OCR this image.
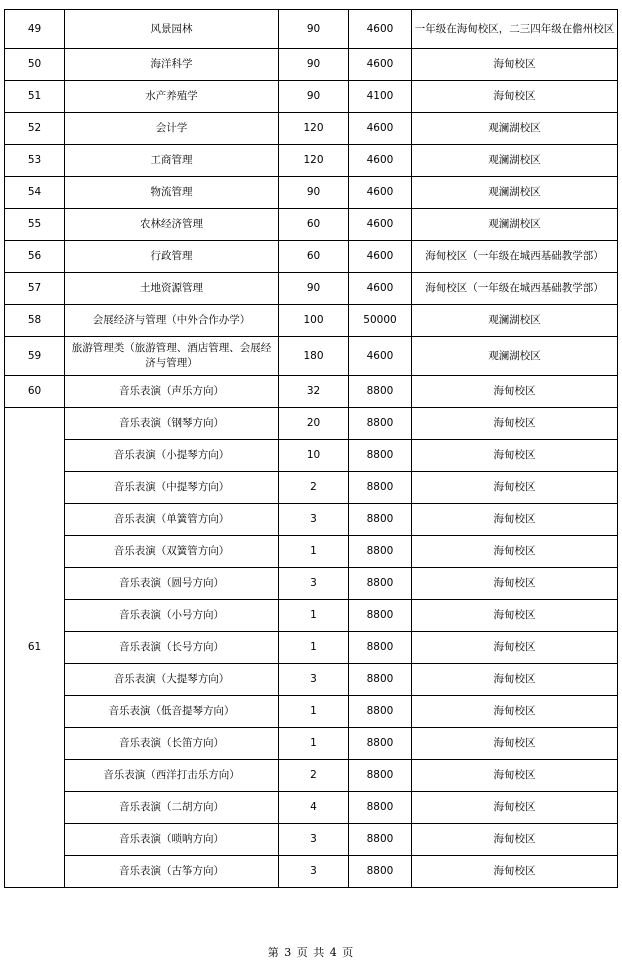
49	风景园林	90	4600	一年级在海甸校区，二三四年级在儋州校区
50	海洋科学	90	4600	海甸校区
51	水产养殖学	90	4100	海甸校区
52	会计学	120	4600	观澜湖校区
53	工商管理	120	4600	观澜湖校区
54	物流管理	90	4600	观澜湖校区
55	农林经济管理	60	4600	观澜湖校区
56	行政管理	60	4600	海甸校区（一年级在城西基础教学部）
57	土地资源管理	90	4600	海甸校区（一年级在城西基础教学部）
58	会展经济与管理（中外合作办学）	100	50000	观澜湖校区
59	旅游管理类（旅游管理、酒店管理、会展经济与管理）	180	4600	观澜湖校区
60	音乐表演（声乐方向）	32	8800	海甸校区
61	音乐表演（钢琴方向）	20	8800	海甸校区
	音乐表演（小提琴方向）	10	8800	海甸校区
	音乐表演（中提琴方向）	2	8800	海甸校区
	音乐表演（单簧管方向）	3	8800	海甸校区
	音乐表演（双簧管方向）	1	8800	海甸校区
	音乐表演（圆号方向）	3	8800	海甸校区
	音乐表演（小号方向）	1	8800	海甸校区
	音乐表演（长号方向）	1	8800	海甸校区
	音乐表演（大提琴方向）	3	8800	海甸校区
	音乐表演（低音提琴方向）	1	8800	海甸校区
	音乐表演（长笛方向）	1	8800	海甸校区
	音乐表演（西洋打击乐方向）	2	8800	海甸校区
	音乐表演（二胡方向）	4	8800	海甸校区
	音乐表演（唢呐方向）	3	8800	海甸校区
	音乐表演（古筝方向）	3	8800	海甸校区
第 3 页 共 4 页
